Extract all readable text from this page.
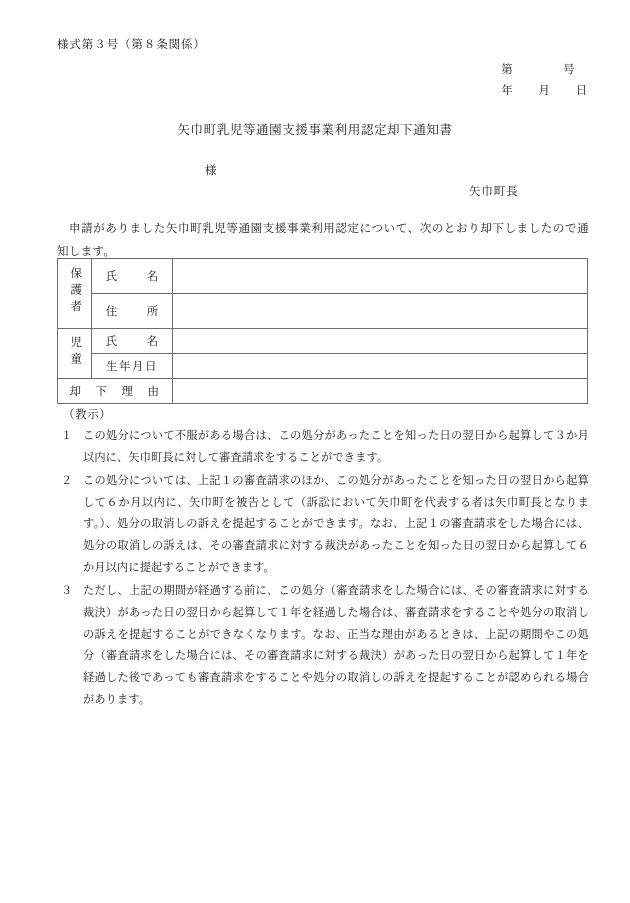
様式第３号（第８条関係）
第　　　　号
年　　月　　日
矢巾町乳児等通園支援事業利用認定却下通知書
様
矢巾町長
申請がありました矢巾町乳児等通園支援事業利用認定について、次のとおり却下しましたので通知します。
保護者	氏　名	
	住　所	
児童	氏　名	
	生年月日	
却　下　理　由		
（教示）
１ この処分について不服がある場合は、この処分があったことを知った日の翌日から起算して３か月以内に、矢巾町長に対して審査請求をすることができます。
２ この処分については、上記１の審査請求のほか、この処分があったことを知った日の翌日から起算して６か月以内に、矢巾町を被告として（訴訟において矢巾町を代表する者は矢巾町長となります。）、処分の取消しの訴えを提起することができます。なお、上記１の審査請求をした場合には、処分の取消しの訴えは、その審査請求に対する裁決があったことを知った日の翌日から起算して６か月以内に提起することができます。
３ ただし、上記の期間が経過する前に、この処分（審査請求をした場合には、その審査請求に対する裁決）があった日の翌日から起算して１年を経過した場合は、審査請求をすることや処分の取消しの訴えを提起することができなくなります。なお、正当な理由があるときは、上記の期間やこの処分（審査請求をした場合には、その審査請求に対する裁決）があった日の翌日から起算して１年を経過した後であっても審査請求をすることや処分の取消しの訴えを提起することが認められる場合があります。
